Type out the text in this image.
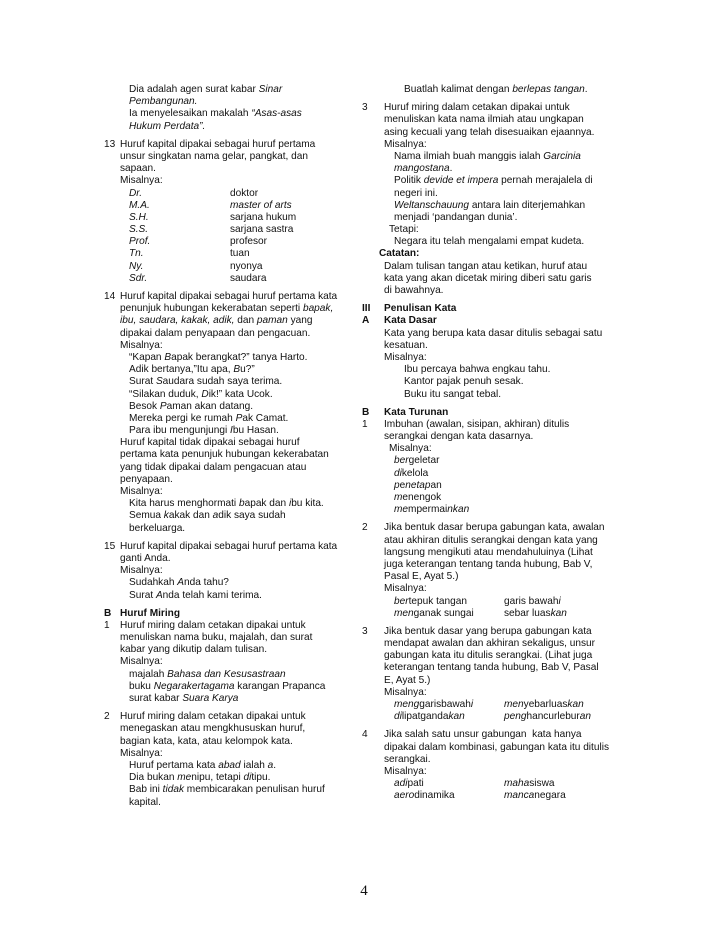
Dia adalah agen surat kabar Sinar
Pembangunan.
Ia menyelesaikan makalah “Asas-asas
Hukum Perdata”.
13 Huruf kapital dipakai sebagai huruf pertama
unsur singkatan nama gelar, pangkat, dan
sapaan.
Misalnya:
Dr.	doktor
M.A.	master of arts
S.H.	sarjana hukum
S.S.	sarjana sastra
Prof.	profesor
Tn.	tuan
Ny.	nyonya
Sdr.	saudara
14 Huruf kapital dipakai sebagai huruf pertama kata
penunjuk hubungan kekerabatan seperti bapak,
ibu, saudara, kakak, adik, dan paman yang
dipakai dalam penyapaan dan pengacuan.
Misalnya:
“Kapan Bapak berangkat?” tanya Harto.
Adik bertanya,”Itu apa, Bu?”
Surat Saudara sudah saya terima.
“Silakan duduk, Dik!” kata Ucok.
Besok Paman akan datang.
Mereka pergi ke rumah Pak Camat.
Para ibu mengunjungi Ibu Hasan.
Huruf kapital tidak dipakai sebagai huruf
pertama kata penunjuk hubungan kekerabatan
yang tidak dipakai dalam pengacuan atau
penyapaan.
Misalnya:
Kita harus menghormati bapak dan ibu kita.
Semua kakak dan adik saya sudah
berkeluarga.
15 Huruf kapital dipakai sebagai huruf pertama kata
ganti Anda.
Misalnya:
Sudahkah Anda tahu?
Surat Anda telah kami terima.
B Huruf Miring
1 Huruf miring dalam cetakan dipakai untuk
menuliskan nama buku, majalah, dan surat
kabar yang dikutip dalam tulisan.
Misalnya:
majalah Bahasa dan Kesusastraan
buku Negarakertagama karangan Prapanca
surat kabar Suara Karya
2 Huruf miring dalam cetakan dipakai untuk
menegaskan atau mengkhususkan huruf,
bagian kata, kata, atau kelompok kata.
Misalnya:
Huruf pertama kata abad ialah a.
Dia bukan menipu, tetapi ditipu.
Bab ini tidak membicarakan penulisan huruf
kapital.
Buatlah kalimat dengan berlepas tangan.
3 Huruf miring dalam cetakan dipakai untuk
menuliskan kata nama ilmiah atau ungkapan
asing kecuali yang telah disesuaikan ejaannya.
Misalnya:
Nama ilmiah buah manggis ialah Garcinia
mangostana.
Politik devide et impera pernah merajalela di
negeri ini.
Weltanschauung antara lain diterjemahkan
menjadi ‘pandangan dunia’.
Tetapi:
Negara itu telah mengalami empat kudeta.
Catatan:
Dalam tulisan tangan atau ketikan, huruf atau
kata yang akan dicetak miring diberi satu garis
di bawahnya.
III Penulisan Kata
A Kata Dasar
Kata yang berupa kata dasar ditulis sebagai satu
kesatuan.
Misalnya:
Ibu percaya bahwa engkau tahu.
Kantor pajak penuh sesak.
Buku itu sangat tebal.
B Kata Turunan
1 Imbuhan (awalan, sisipan, akhiran) ditulis
serangkai dengan kata dasarnya.
Misalnya:
bergeletar
dikelola
penetapan
menengok
mempermainkan
2 Jika bentuk dasar berupa gabungan kata, awalan
atau akhiran ditulis serangkai dengan kata yang
langsung mengikuti atau mendahuluinya (Lihat
juga keterangan tentang tanda hubung, Bab V,
Pasal E, Ayat 5.)
Misalnya:
bertepuk tangan	garis bawahi
menganak sungai	sebar luaskan
3 Jika bentuk dasar yang berupa gabungan kata
mendapat awalan dan akhiran sekaligus, unsur
gabungan kata itu ditulis serangkai. (Lihat juga
keterangan tentang tanda hubung, Bab V, Pasal
E, Ayat 5.)
Misalnya:
menggarisbawahi	menyebarluaskan
dilipatgandakan	penghancurleburan
4 Jika salah satu unsur gabungan  kata hanya
dipakai dalam kombinasi, gabungan kata itu ditulis
serangkai.
Misalnya:
adipati	mahasiswa
aerodinamika	mancanegara
4
